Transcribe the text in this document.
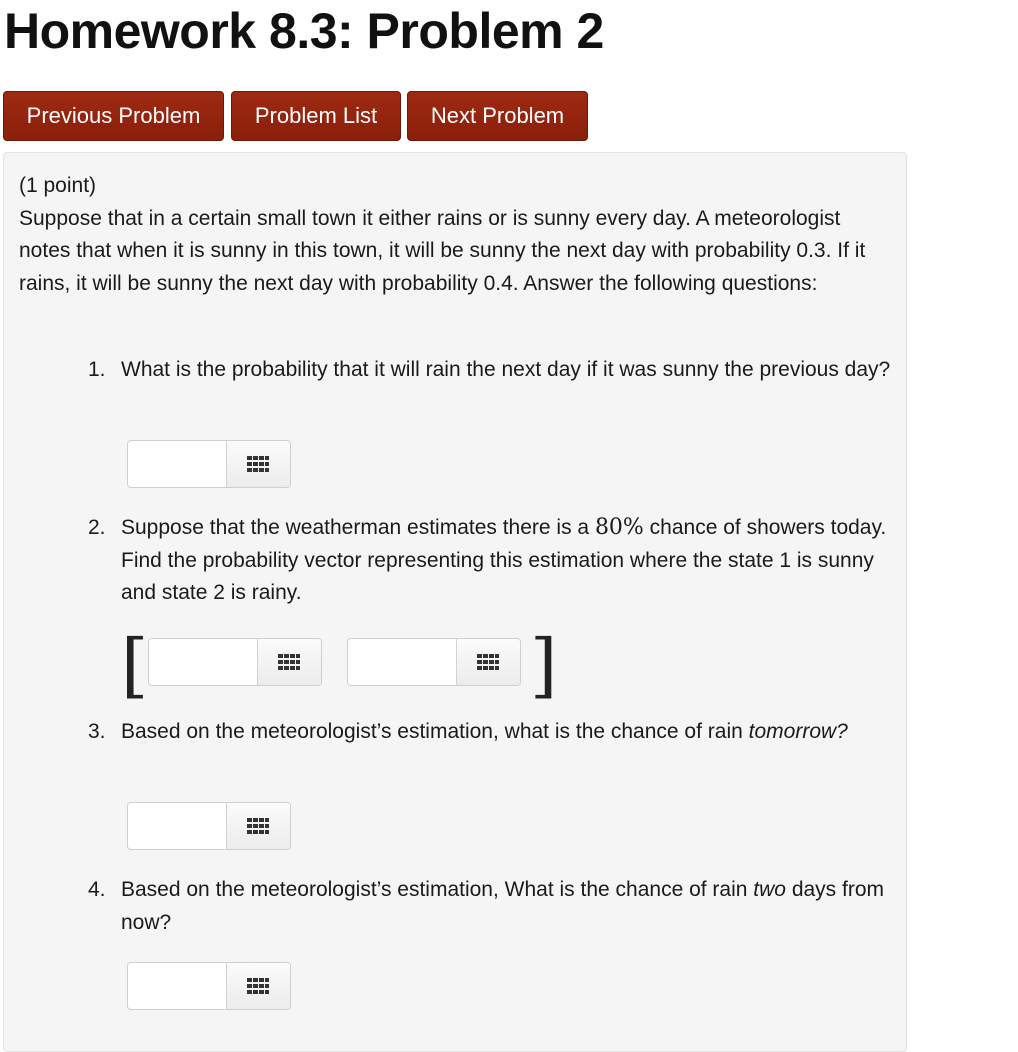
Homework 8.3: Problem 2
Previous Problem	Problem List	Next Problem

(1 point)

Suppose that in a certain small town it either rains or is sunny every day. A meteorologist notes that when it is sunny in this town, it will be sunny the next day with probability 0.3. If it rains, it will be sunny the next day with probability 0.4. Answer the following questions:

1. What is the probability that it will rain the next day if it was sunny the previous day?
2. Suppose that the weatherman estimates there is a 80% chance of showers today. Find the probability vector representing this estimation where the state 1 is sunny and state 2 is rainy.
[	]
3. Based on the meteorologist’s estimation, what is the chance of rain tomorrow?
4. Based on the meteorologist’s estimation, What is the chance of rain two days from now?
